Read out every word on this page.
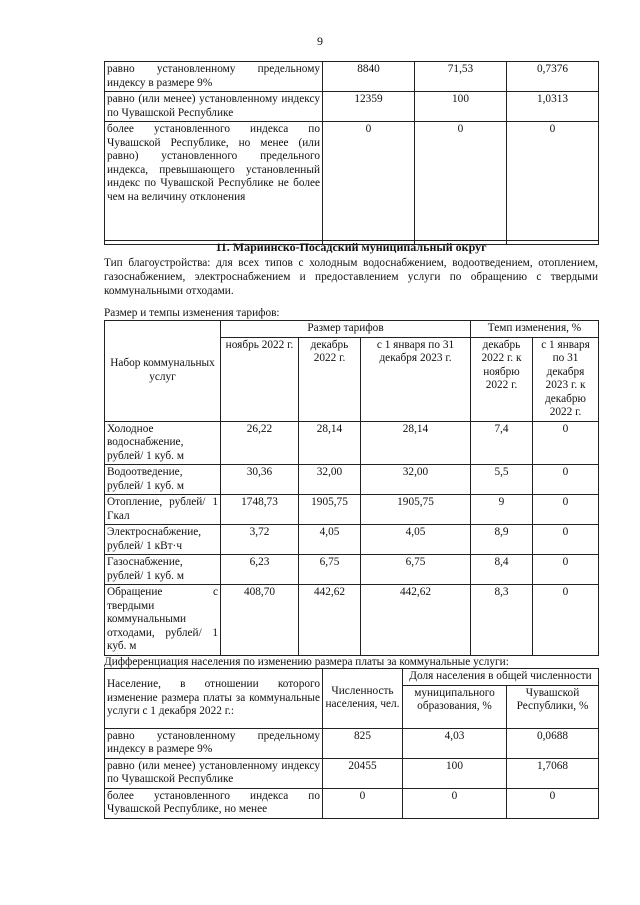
9
равно установленному предельному индексу в размере 9%	8840	71,53	0,7376
равно (или менее) установленному индексу по Чувашской Республике	12359	100	1,0313
более установленного индекса по Чувашской Республике, но менее (или равно) установленного предельного индекса, превышающего установленный индекс по Чувашской Республике не более чем на величину отклонения	0	0	0
11. Мариинско-Посадский муниципальный округ
Тип благоустройства: для всех типов с холодным водоснабжением, водоотведением, отоплением, газоснабжением, электроснабжением и предоставлением услуги по обращению с твердыми коммунальными отходами.
Размер и темпы изменения тарифов:
Набор коммунальных услуг	Размер тарифов			Темп изменения, %	
	ноябрь 2022 г.	декабрь 2022 г.	с 1 января по 31 декабря 2023 г.	декабрь 2022 г. к ноябрю 2022 г.	с 1 января по 31 декабря 2023 г. к декабрю 2022 г.
Холодное водоснабжение, рублей/ 1 куб. м	26,22	28,14	28,14	7,4	0
Водоотведение, рублей/ 1 куб. м	30,36	32,00	32,00	5,5	0
Отопление, рублей/ 1 Гкал	1748,73	1905,75	1905,75	9	0
Электроснабжение, рублей/ 1 кВт·ч	3,72	4,05	4,05	8,9	0
Газоснабжение, рублей/ 1 куб. м	6,23	6,75	6,75	8,4	0
Обращение с твердыми коммунальными отходами, рублей/ 1 куб. м	408,70	442,62	442,62	8,3	0
Дифференциация населения по изменению размера платы за коммунальные услуги:
Население, в отношении которого изменение размера платы за коммунальные услуги с 1 декабря 2022 г.:	Численность населения, чел.	Доля населения в общей численности	
		муниципального образования, %	Чувашской Республики, %
равно установленному предельному индексу в размере 9%	825	4,03	0,0688
равно (или менее) установленному индексу по Чувашской Республике	20455	100	1,7068
более установленного индекса по Чувашской Республике, но менее	0	0	0
